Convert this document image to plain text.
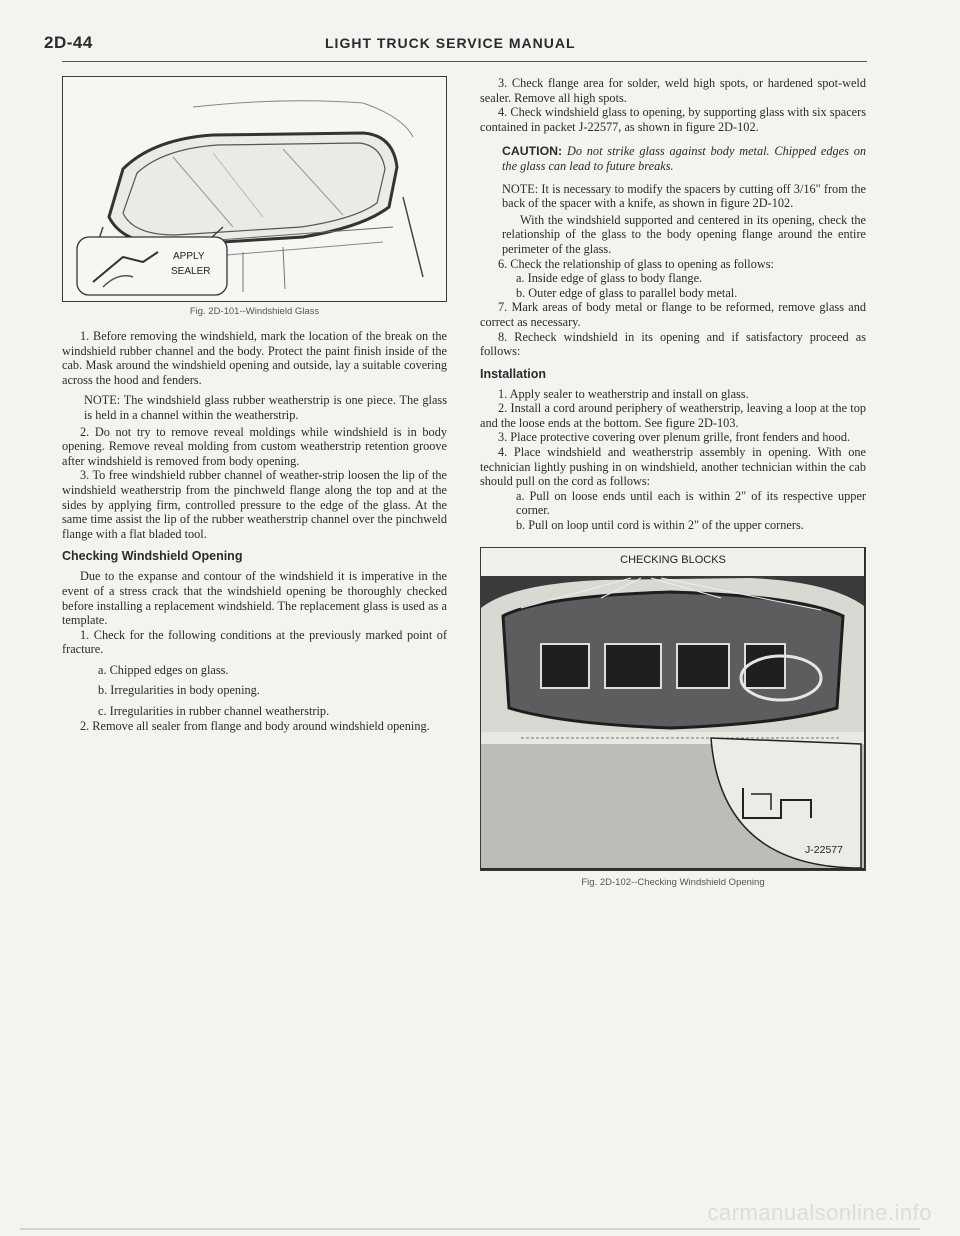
2D-44	LIGHT TRUCK SERVICE MANUAL
APPLY
SEALER
Fig. 2D-101--Windshield Glass

1. Before removing the windshield, mark the location of the break on the windshield rubber channel and the body. Protect the paint finish inside of the cab. Mask around the windshield opening and outside, lay a suitable covering across the hood and fenders.

NOTE: The windshield glass rubber weatherstrip is one piece. The glass is held in a channel within the weatherstrip.

2. Do not try to remove reveal moldings while windshield is in body opening. Remove reveal molding from custom weatherstrip retention groove after windshield is removed from body opening.

3. To free windshield rubber channel of weather-strip loosen the lip of the windshield weatherstrip from the pinchweld flange along the top and at the sides by applying firm, controlled pressure to the edge of the glass. At the same time assist the lip of the rubber weatherstrip channel over the pinchweld flange with a flat bladed tool.

Checking Windshield Opening

Due to the expanse and contour of the windshield it is imperative in the event of a stress crack that the windshield opening be thoroughly checked before installing a replacement windshield. The replacement glass is used as a template.

1. Check for the following conditions at the previously marked point of fracture.

a. Chipped edges on glass.

b. Irregularities in body opening.

c. Irregularities in rubber channel weatherstrip.

2. Remove all sealer from flange and body around windshield opening.

3. Check flange area for solder, weld high spots, or hardened spot-weld sealer. Remove all high spots.

4. Check windshield glass to opening, by supporting glass with six spacers contained in packet J-22577, as shown in figure 2D-102.

CAUTION: Do not strike glass against body metal. Chipped edges on the glass can lead to future breaks.

NOTE: It is necessary to modify the spacers by cutting off 3/16" from the back of the spacer with a knife, as shown in figure 2D-102.

With the windshield supported and centered in its opening, check the relationship of the glass to the body opening flange around the entire perimeter of the glass.

6. Check the relationship of glass to opening as follows:

a. Inside edge of glass to body flange.

b. Outer edge of glass to parallel body metal.

7. Mark areas of body metal or flange to be reformed, remove glass and correct as necessary.

8. Recheck windshield in its opening and if satisfactory proceed as follows:

Installation

1. Apply sealer to weatherstrip and install on glass.

2. Install a cord around periphery of weatherstrip, leaving a loop at the top and the loose ends at the bottom. See figure 2D-103.

3. Place protective covering over plenum grille, front fenders and hood.

4. Place windshield and weatherstrip assembly in opening. With one technician lightly pushing in on windshield, another technician within the cab should pull on the cord as follows:

a. Pull on loose ends until each is within 2" of its respective upper corner.

b. Pull on loop until cord is within 2" of the upper corners.

CHECKING BLOCKS
J-22577
Fig. 2D-102--Checking Windshield Opening
carmanualsonline.info
